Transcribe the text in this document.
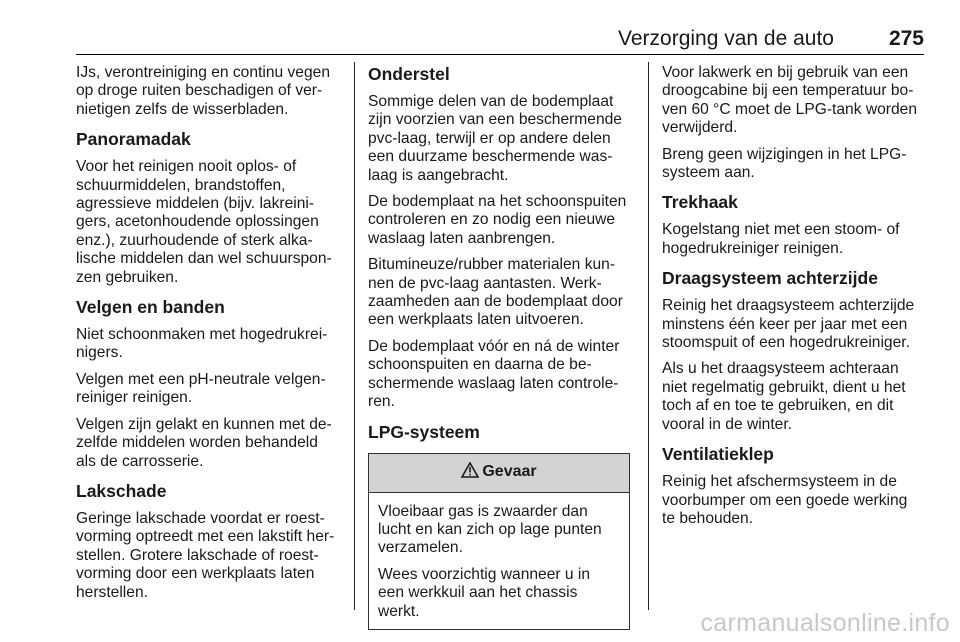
Verzorging van de auto	275

IJs, verontreiniging en continu vegen
op droge ruiten beschadigen of ver-
nietigen zelfs de wisserbladen.

Panoramadak

Voor het reinigen nooit oplos- of
schuurmiddelen, brandstoffen,
agressieve middelen (bijv. lakreini-
gers, acetonhoudende oplossingen
enz.), zuurhoudende of sterk alka-
lische middelen dan wel schuurspon-
zen gebruiken.

Velgen en banden

Niet schoonmaken met hogedrukrei-
nigers.

Velgen met een pH-neutrale velgen-
reiniger reinigen.

Velgen zijn gelakt en kunnen met de-
zelfde middelen worden behandeld
als de carrosserie.

Lakschade

Geringe lakschade voordat er roest-
vorming optreedt met een lakstift her-
stellen. Grotere lakschade of roest-
vorming door een werkplaats laten
herstellen.

Onderstel

Sommige delen van de bodemplaat
zijn voorzien van een beschermende
pvc-laag, terwijl er op andere delen
een duurzame beschermende was-
laag is aangebracht.

De bodemplaat na het schoonspuiten
controleren en zo nodig een nieuwe
waslaag laten aanbrengen.

Bitumineuze/rubber materialen kun-
nen de pvc-laag aantasten. Werk-
zaamheden aan de bodemplaat door
een werkplaats laten uitvoeren.

De bodemplaat vóór en ná de winter
schoonspuiten en daarna de be-
schermende waslaag laten controle-
ren.

LPG-systeem
Gevaar

Vloeibaar gas is zwaarder dan
lucht en kan zich op lage punten
verzamelen.

Wees voorzichtig wanneer u in
een werkkuil aan het chassis
werkt.

Voor lakwerk en bij gebruik van een
droogcabine bij een temperatuur bo-
ven 60 °C moet de LPG-tank worden
verwijderd.

Breng geen wijzigingen in het LPG-
systeem aan.

Trekhaak

Kogelstang niet met een stoom- of
hogedrukreiniger reinigen.

Draagsysteem achterzijde

Reinig het draagsysteem achterzijde
minstens één keer per jaar met een
stoomspuit of een hogedrukreiniger.

Als u het draagsysteem achteraan
niet regelmatig gebruikt, dient u het
toch af en toe te gebruiken, en dit
vooral in de winter.

Ventilatieklep

Reinig het afschermsysteem in de
voorbumper om een goede werking
te behouden.

carmanualsonline.info
